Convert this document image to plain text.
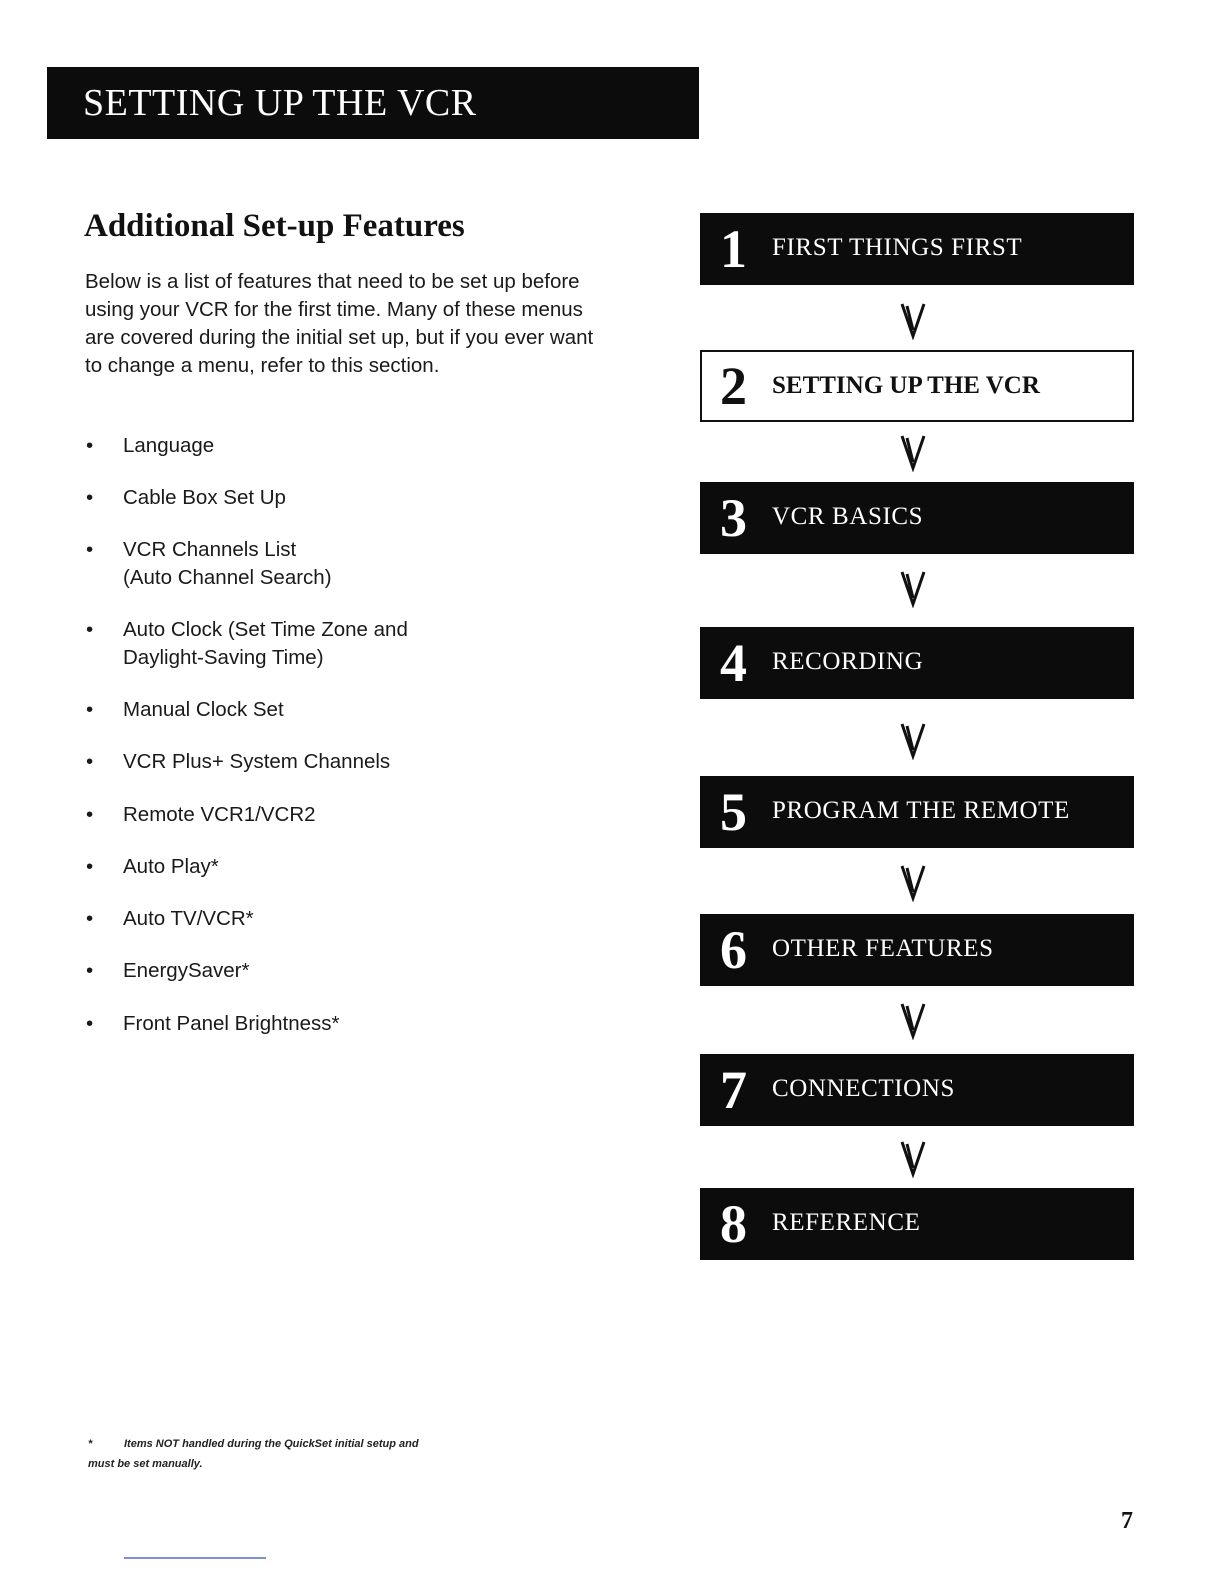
SETTING UP THE VCR
Additional Set-up Features

Below is a list of features that need to be set up before using your VCR for the first time. Many of these menus are covered during the initial set up, but if you ever want to change a menu, refer to this section.

• Language
• Cable Box Set Up
• VCR Channels List
(Auto Channel Search)
• Auto Clock (Set Time Zone and
Daylight-Saving Time)
• Manual Clock Set
• VCR Plus+ System Channels
• Remote VCR1/VCR2
• Auto Play*
• Auto TV/VCR*
• EnergySaver*
• Front Panel Brightness*
1 FIRST THINGS FIRST
2 SETTING UP THE VCR
3 VCR BASICS
4 RECORDING
5 PROGRAM THE REMOTE
6 OTHER FEATURES
7 CONNECTIONS
8 REFERENCE
*	Items NOT handled during the QuickSet initial setup and must be set manually.
7
